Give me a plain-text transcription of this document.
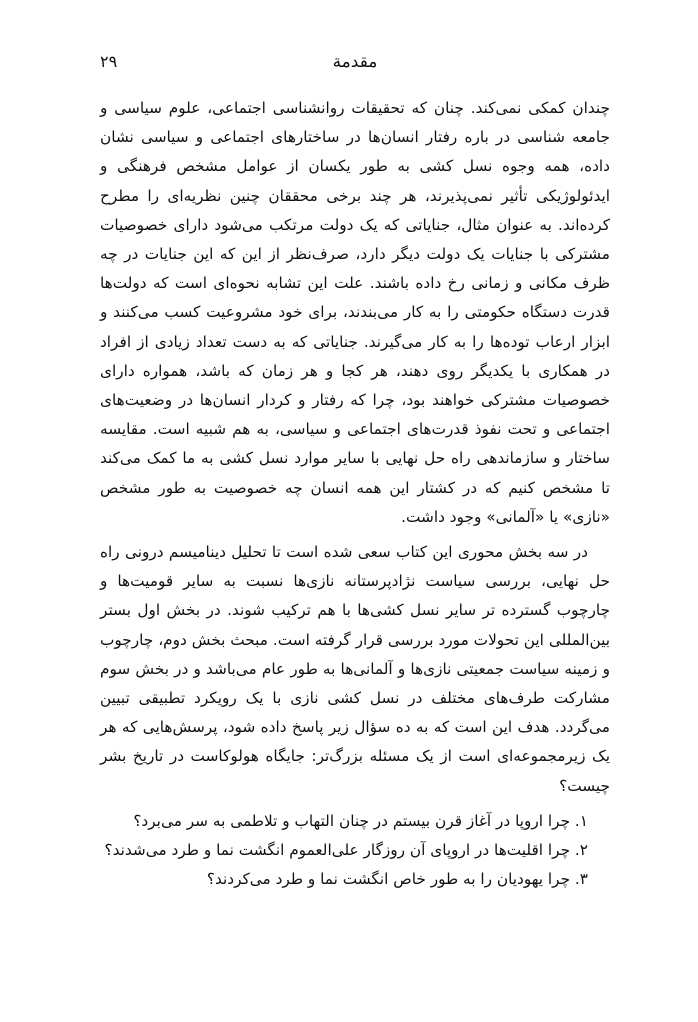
مقدمة
۲۹

چندان کمکی نمی‌کند. چنان که تحقیقات روانشناسی اجتماعی، علوم سیاسی و جامعه شناسی در باره رفتار انسان‌ها در ساختارهای اجتماعی و سیاسی نشان داده، همه وجوه نسل کشی به طور یکسان از عوامل مشخص فرهنگی و ایدئولوژیکی تأثیر نمی‌پذیرند، هر چند برخی محققان چنین نظریه‌ای را مطرح کرده‌اند. به عنوان مثال، جنایاتی که یک دولت مرتکب می‌شود دارای خصوصیات مشترکی با جنایات یک دولت دیگر دارد، صرف‌نظر از این که این جنایات در چه ظرف مکانی و زمانی رخ داده باشند. علت این تشابه نحوه‌ای است که دولت‌ها قدرت دستگاه حکومتی را به کار می‌بندند، برای خود مشروعیت کسب می‌کنند و ابزار ارعاب توده‌ها را به کار می‌گیرند. جنایاتی که به دست تعداد زیادی از افراد در همکاری با یکدیگر روی دهند، هر کجا و هر زمان که باشد، همواره دارای خصوصیات مشترکی خواهند بود، چرا که رفتار و کردار انسان‌ها در وضعیت‌های اجتماعی و تحت نفوذ قدرت‌های اجتماعی و سیاسی، به هم شبیه است. مقایسه ساختار و سازماندهی راه حل نهایی با سایر موارد نسل کشی به ما کمک می‌کند تا مشخص کنیم که در کشتار این همه انسان چه خصوصیت به طور مشخص «نازی» یا «آلمانی» وجود داشت.

در سه بخش محوری این کتاب سعی شده است تا تحلیل دینامیسم درونی راه حل نهایی، بررسی سیاست نژادپرستانه نازی‌ها نسبت به سایر قومیت‌ها و چارچوب گسترده تر سایر نسل کشی‌ها با هم ترکیب شوند. در بخش اول بستر بین‌المللی این تحولات مورد بررسی قرار گرفته است. مبحث بخش دوم، چارچوب و زمینه سیاست جمعیتی نازی‌ها و آلمانی‌ها به طور عام می‌باشد و در بخش سوم مشارکت طرف‌های مختلف در نسل کشی نازی با یک رویکرد تطبیقی تبیین می‌گردد. هدف این است که به ده سؤال زیر پاسخ داده شود، پرسش‌هایی که هر یک زیرمجموعه‌ای است از یک مسئله بزرگ‌تر: جایگاه هولوکاست در تاریخ بشر چیست؟

۱. چرا اروپا در آغاز قرن بیستم در چنان التهاب و تلاطمی به سر می‌برد؟
۲. چرا اقلیت‌ها در اروپای آن روزگار علی‌العموم انگشت نما و طرد می‌شدند؟
۳. چرا یهودیان را به طور خاص انگشت نما و طرد می‌کردند؟
